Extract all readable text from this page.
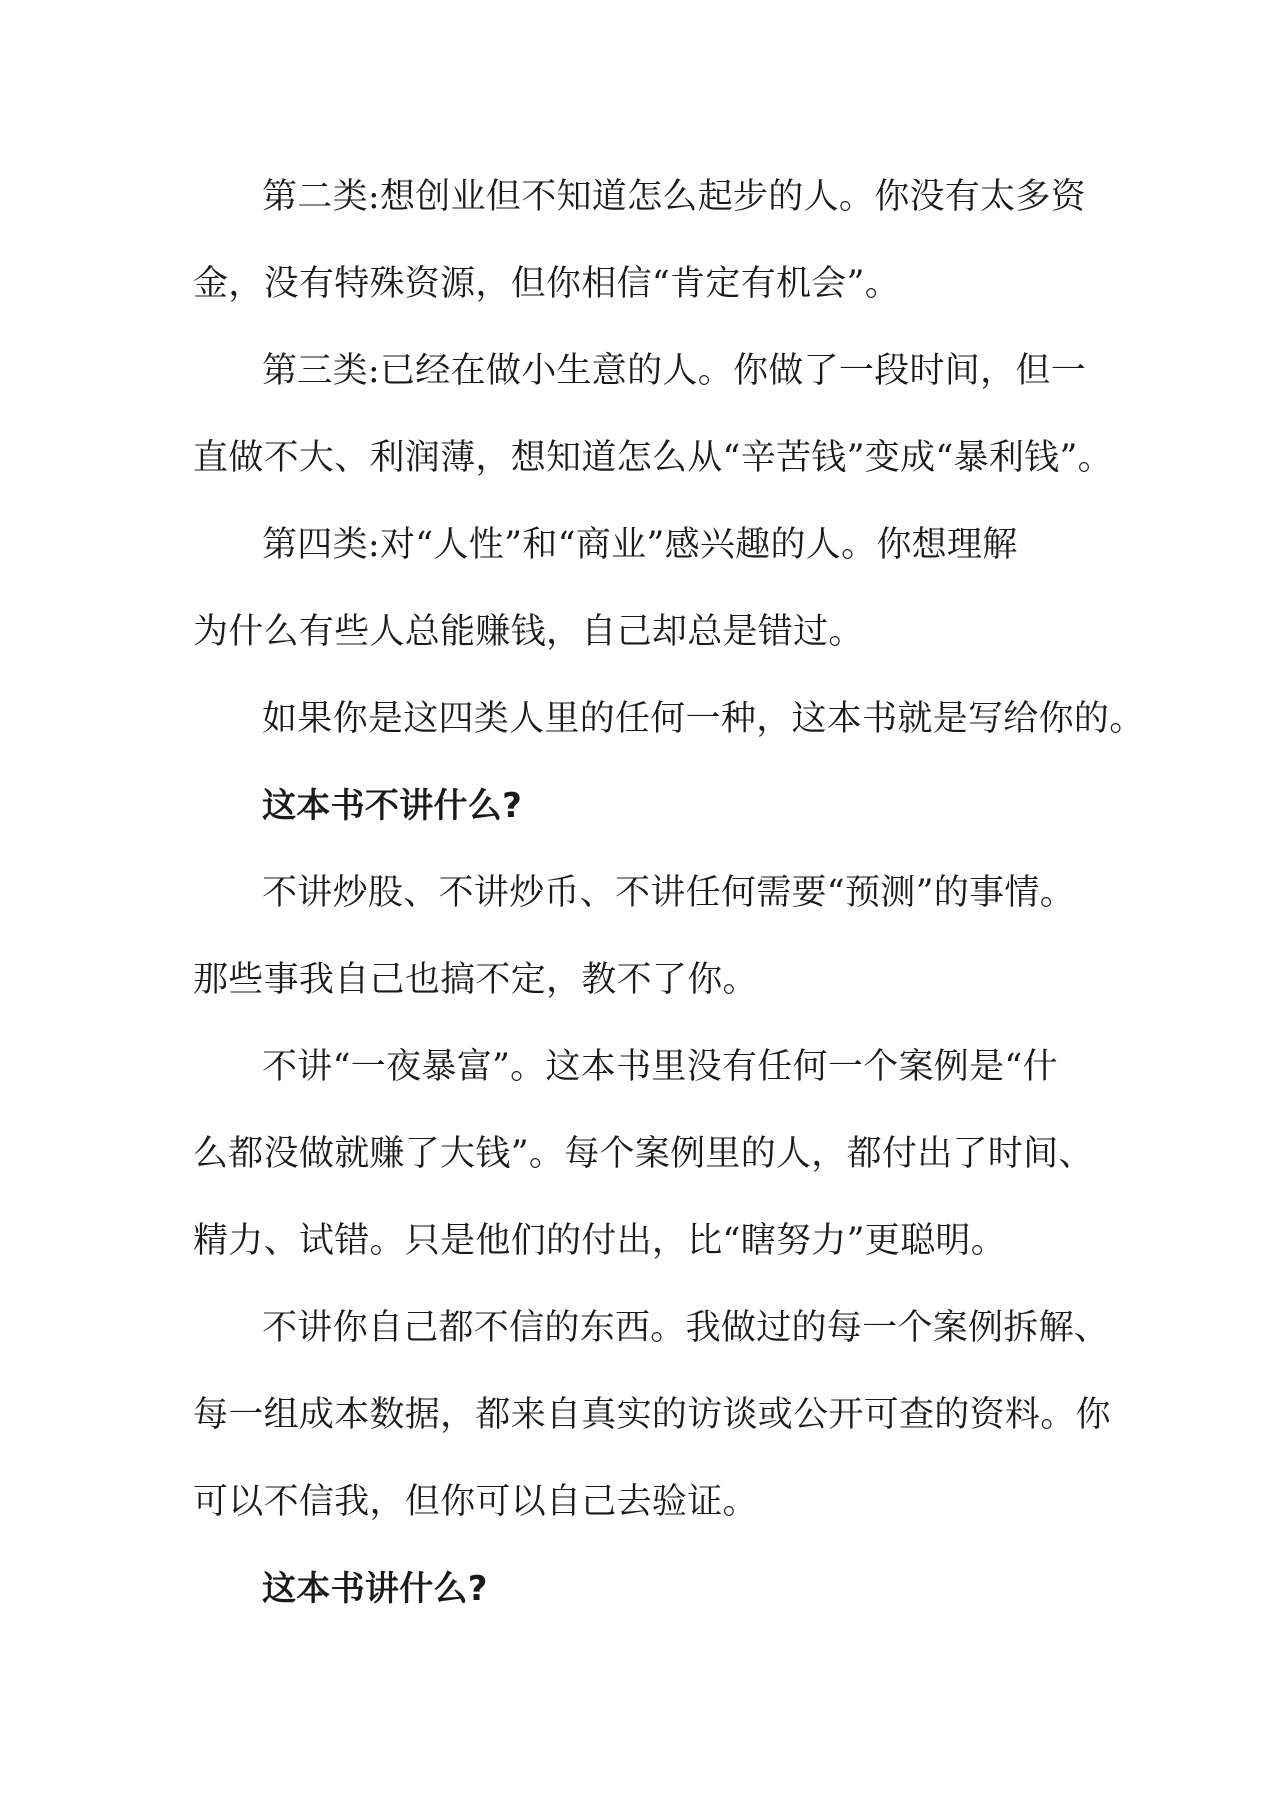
第二类:想创业但不知道怎么起步的人。你没有太多资
金，没有特殊资源，但你相信“肯定有机会”。
第三类:已经在做小生意的人。你做了一段时间，但一
直做不大、利润薄，想知道怎么从“辛苦钱”变成“暴利钱”。
第四类:对“人性”和“商业”感兴趣的人。你想理解
为什么有些人总能赚钱，自己却总是错过。
如果你是这四类人里的任何一种，这本书就是写给你的。
这本书不讲什么?
不讲炒股、不讲炒币、不讲任何需要“预测”的事情。
那些事我自己也搞不定，教不了你。
不讲“一夜暴富”。这本书里没有任何一个案例是“什
么都没做就赚了大钱”。每个案例里的人，都付出了时间、
精力、试错。只是他们的付出，比“瞎努力”更聪明。
不讲你自己都不信的东西。我做过的每一个案例拆解、
每一组成本数据，都来自真实的访谈或公开可查的资料。你
可以不信我，但你可以自己去验证。
这本书讲什么?
